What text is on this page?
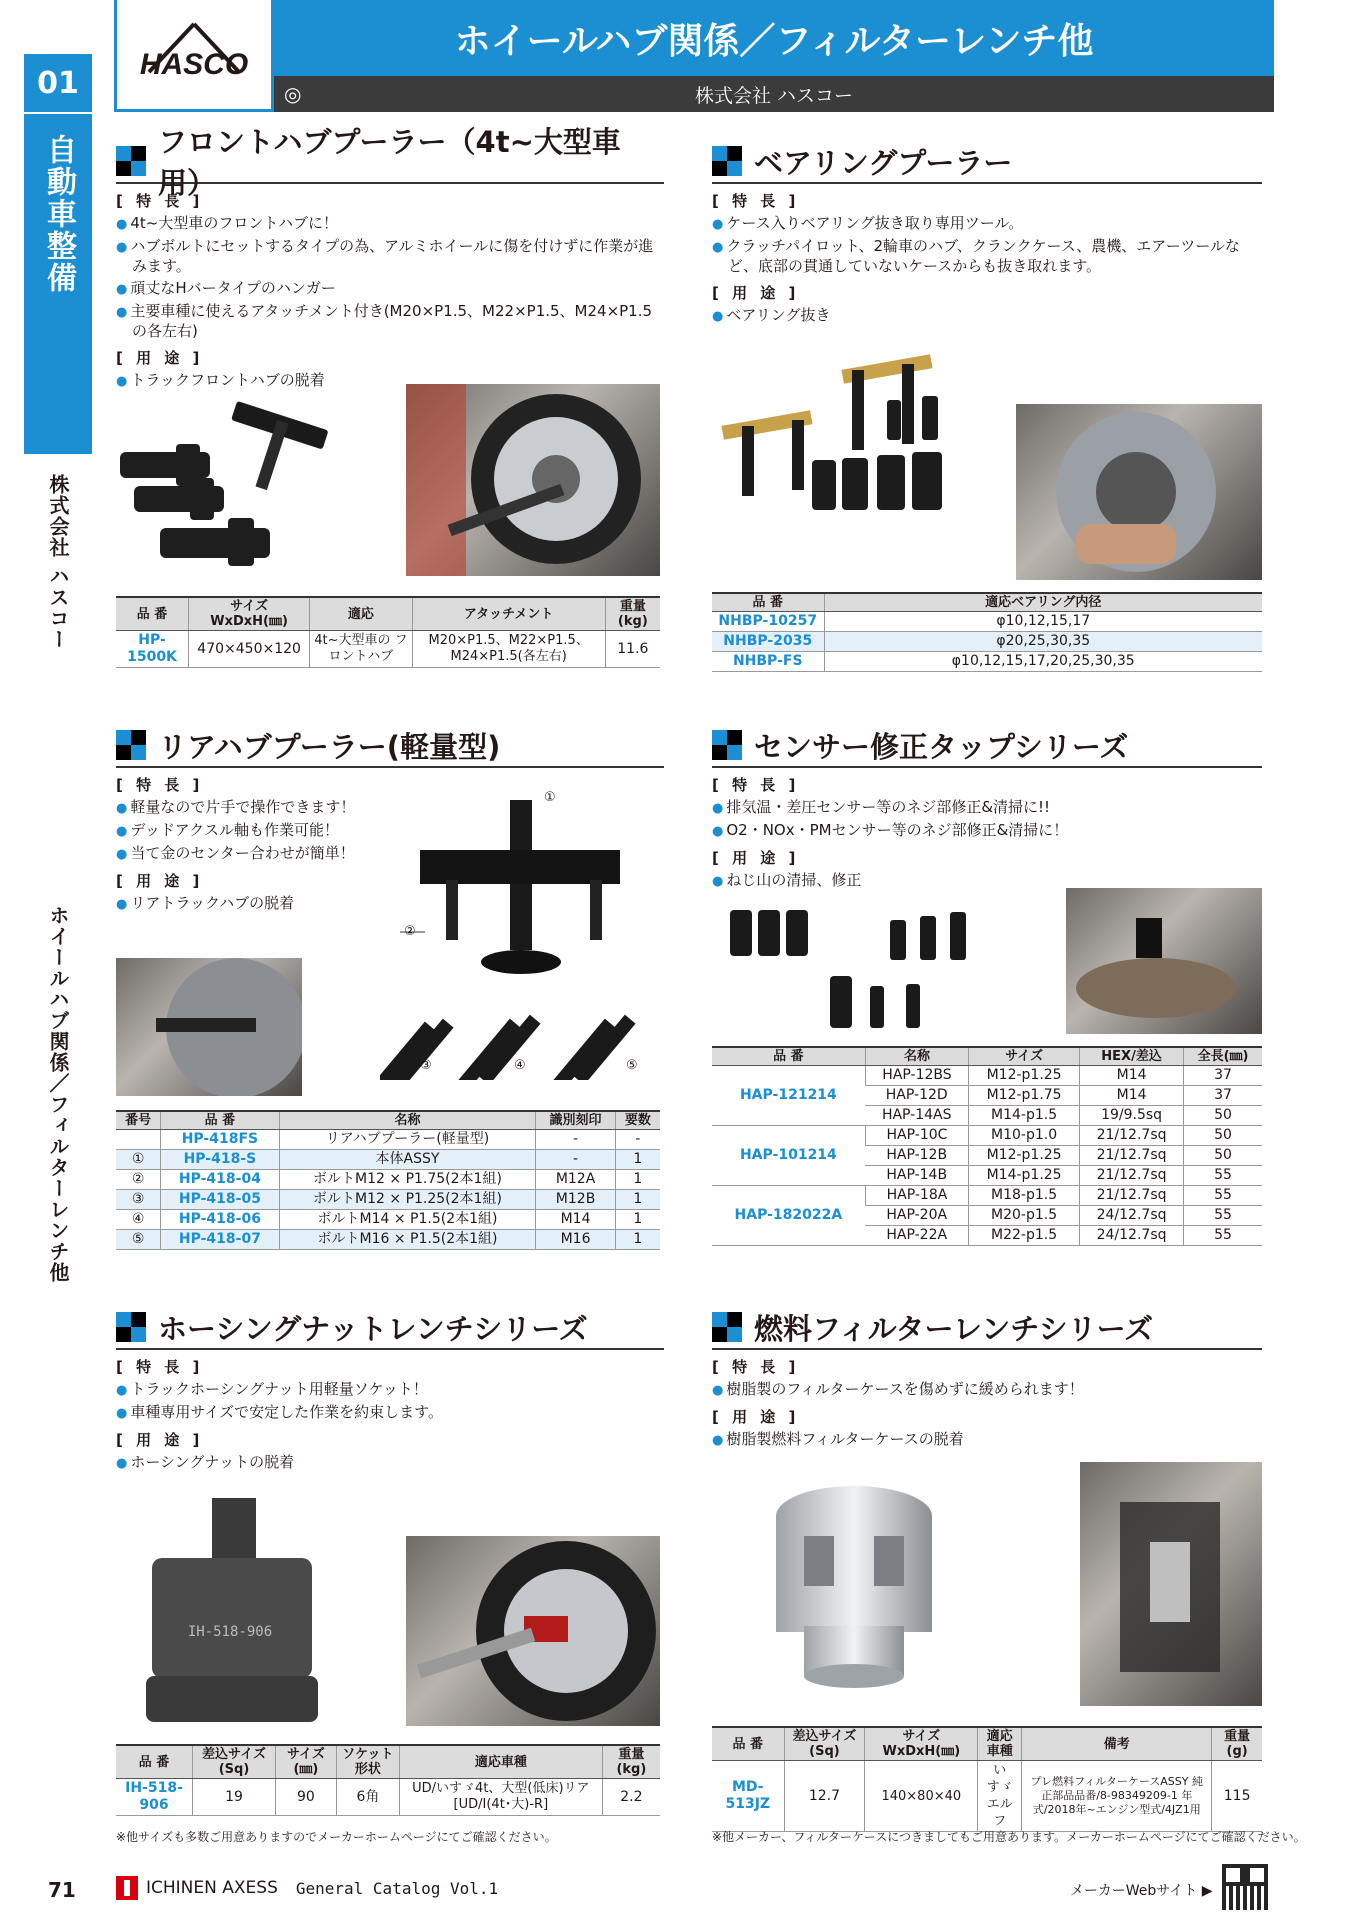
01
自動車整備
株式会社 ハスコー
ホイールハブ関係／フィルターレンチ他
HASCO
ホイールハブ関係／フィルターレンチ他
◎	株式会社 ハスコー
フロントハブプーラー（4t~大型車用）
[ 特 長 ]
● 4t~大型車のフロントハブに！
● ハブボルトにセットするタイプの為、アルミホイールに傷を付けずに作業が進みます。
● 頑丈なHバータイプのハンガー
● 主要車種に使えるアタッチメント付き(M20×P1.5、M22×P1.5、M24×P1.5の各左右)
[ 用 途 ]
● トラックフロントハブの脱着
品 番	サイズ WxDxH(㎜)	適応	アタッチメント	重量 (kg)
HP-1500K	470×450×120	4t~大型車の フロントハブ	M20×P1.5、M22×P1.5、M24×P1.5(各左右)	11.6
ベアリングプーラー
[ 特 長 ]
● ケース入りベアリング抜き取り専用ツール。
● クラッチパイロット、2輪車のハブ、クランクケース、農機、エアーツールなど、底部の貫通していないケースからも抜き取れます。
[ 用 途 ]
● ベアリング抜き
品 番	適応ベアリング内径
NHBP-10257	φ10,12,15,17
NHBP-2035	φ20,25,30,35
NHBP-FS	φ10,12,15,17,20,25,30,35
リアハブプーラー(軽量型)
[ 特 長 ]
● 軽量なので片手で操作できます！
● デッドアクスル軸も作業可能！
● 当て金のセンター合わせが簡単！
[ 用 途 ]
● リアトラックハブの脱着
①
②
③	④	⑤
番号	品 番	名称	識別刻印	要数
	HP-418FS	リアハブプーラー(軽量型)	-	-
①	HP-418-S	本体ASSY	-	1
②	HP-418-04	ボルトM12 × P1.75(2本1組)	M12A	1
③	HP-418-05	ボルトM12 × P1.25(2本1組)	M12B	1
④	HP-418-06	ボルトM14 × P1.5(2本1組)	M14	1
⑤	HP-418-07	ボルトM16 × P1.5(2本1組)	M16	1
センサー修正タップシリーズ
[ 特 長 ]
● 排気温・差圧センサー等のネジ部修正&清掃に!!
● O2・NOx・PMセンサー等のネジ部修正&清掃に！
[ 用 途 ]
● ねじ山の清掃、修正
品 番	名称	サイズ	HEX/差込	全長(㎜)
HAP-121214	HAP-12BS	M12-p1.25	M14	37
	HAP-12D	M12-p1.75	M14	37
	HAP-14AS	M14-p1.5	19/9.5sq	50
HAP-101214	HAP-10C	M10-p1.0	21/12.7sq	50
	HAP-12B	M12-p1.25	21/12.7sq	50
	HAP-14B	M14-p1.25	21/12.7sq	55
HAP-182022A	HAP-18A	M18-p1.5	21/12.7sq	55
	HAP-20A	M20-p1.5	24/12.7sq	55
	HAP-22A	M22-p1.5	24/12.7sq	55
ホーシングナットレンチシリーズ
[ 特 長 ]
● トラックホーシングナット用軽量ソケット！
● 車種専用サイズで安定した作業を約束します。
[ 用 途 ]
● ホーシングナットの脱着
IH-518-906
品 番	差込サイズ (Sq)	サイズ (㎜)	ソケット形状	適応車種	重量 (kg)
IH-518-906	19	90	6角	UD/いすゞ4t、大型(低床)リア[UD/I(4t･大)-R]	2.2
※他サイズも多数ご用意ありますのでメーカーホームページにてご確認ください。
燃料フィルターレンチシリーズ
[ 特 長 ]
● 樹脂製のフィルターケースを傷めずに緩められます！
[ 用 途 ]
● 樹脂製燃料フィルターケースの脱着
品 番	差込サイズ (Sq)	サイズ WxDxH(㎜)	適応 車種	備考	重量 (g)
MD-513JZ	12.7	140×80×40	いすゞ エルフ	プレ燃料フィルターケースASSY 純正部品品番/8-98349209-1 年式/2018年~エンジン型式/4JZ1用	115
※他メーカー、フィルターケースにつきましてもご用意あります。メーカーホームページにてご確認ください。
71	ICHINEN AXESS General Catalog Vol.1	メーカーWebサイト ▶
